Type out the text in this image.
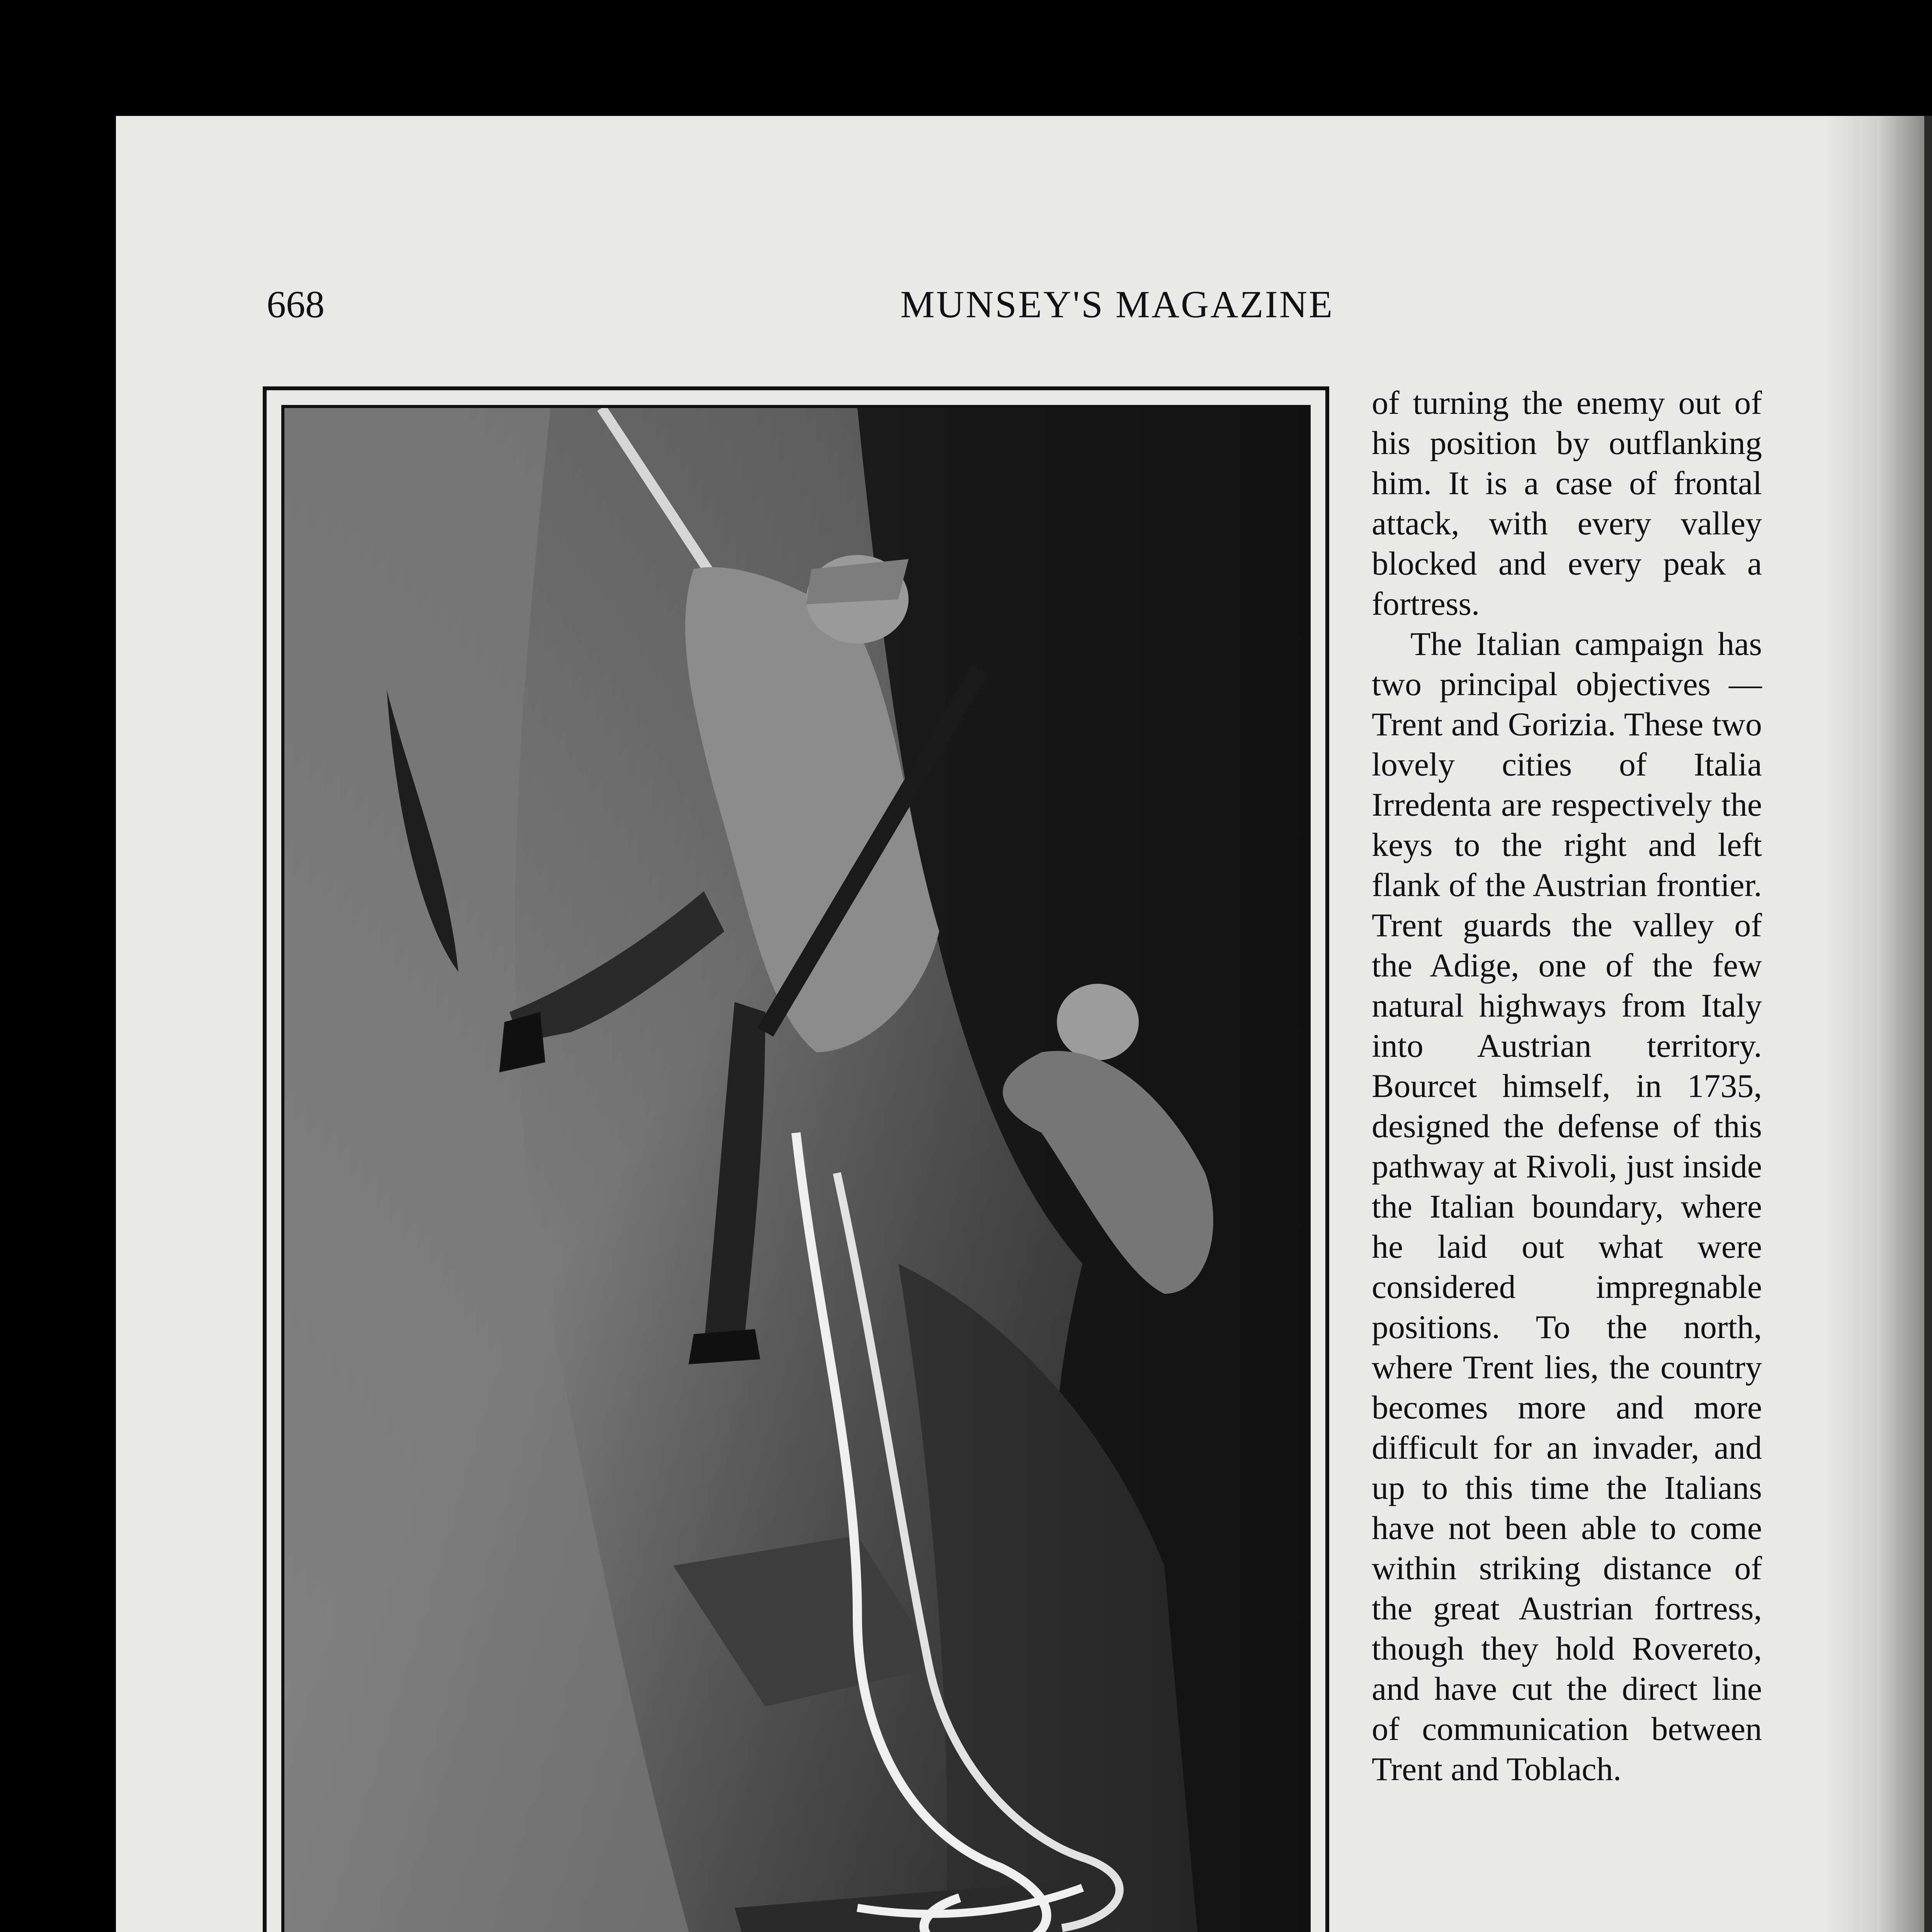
668	MUNSEY'S MAGAZINE

of turning the enemy out of his position by outflanking him. It is a case of frontal attack, with every valley blocked and every peak a fortress.

The Italian campaign has two principal objectives — Trent and Gorizia. These two lovely cities of Italia Irredenta are respectively the keys to the right and left flank of the Austrian frontier. Trent guards the valley of the Adige, one of the few natural highways from Italy into Austrian territory. Bourcet himself, in 1735, designed the defense of this pathway at Rivoli, just inside the Italian boundary, where he laid out what were considered impregnable positions. To the north, where Trent lies, the country becomes more and more difficult for an invader, and up to this time the Italians have not been able to come within striking distance of the great Austrian fortress, though they hold Rovereto, and have cut the direct line of communication between Trent and Toblach.
